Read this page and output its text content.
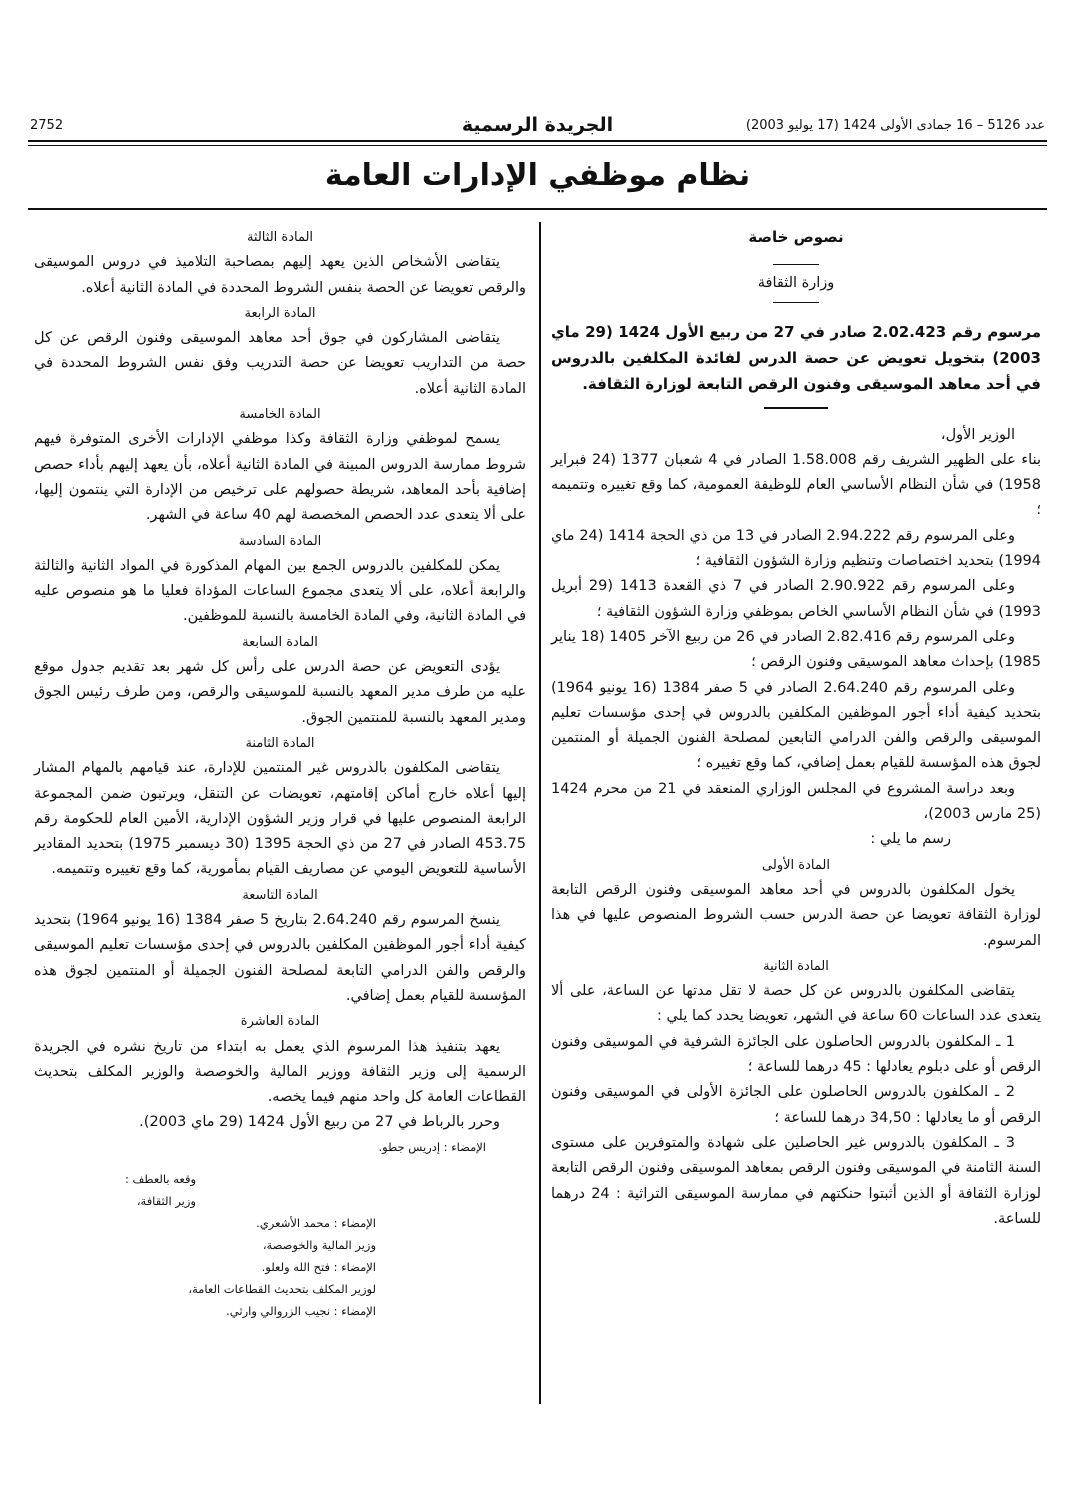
2752	الجريدة الرسمية	عدد 5126 – 16 جمادى الأولى 1424 (17 يوليو 2003)
نظام موظفي الإدارات العامة

نصوص خاصة

وزارة الثقافة

مرسوم رقم 2.02.423 صادر في 27 من ربيع الأول 1424 (29 ماي 2003) بتخويل تعويض عن حصة الدرس لفائدة المكلفين بالدروس في أحد معاهد الموسيقى وفنون الرقص التابعة لوزارة الثقافة.

الوزير الأول،

بناء على الظهير الشريف رقم 1.58.008 الصادر في 4 شعبان 1377 (24 فبراير 1958) في شأن النظام الأساسي العام للوظيفة العمومية، كما وقع تغييره وتتميمه ؛

وعلى المرسوم رقم 2.94.222 الصادر في 13 من ذي الحجة 1414 (24 ماي 1994) بتحديد اختصاصات وتنظيم وزارة الشؤون الثقافية ؛

وعلى المرسوم رقم 2.90.922 الصادر في 7 ذي القعدة 1413 (29 أبريل 1993) في شأن النظام الأساسي الخاص بموظفي وزارة الشؤون الثقافية ؛

وعلى المرسوم رقم 2.82.416 الصادر في 26 من ربيع الآخر 1405 (18 يناير 1985) بإحداث معاهد الموسيقى وفنون الرقص ؛

وعلى المرسوم رقم 2.64.240 الصادر في 5 صفر 1384 (16 يونيو 1964) بتحديد كيفية أداء أجور الموظفين المكلفين بالدروس في إحدى مؤسسات تعليم الموسيقى والرقص والفن الدرامي التابعين لمصلحة الفنون الجميلة أو المنتمين لجوق هذه المؤسسة للقيام بعمل إضافي، كما وقع تغييره ؛

وبعد دراسة المشروع في المجلس الوزاري المنعقد في 21 من محرم 1424 (25 مارس 2003)،

رسم ما يلي :

المادة الأولى

يخول المكلفون بالدروس في أحد معاهد الموسيقى وفنون الرقص التابعة لوزارة الثقافة تعويضا عن حصة الدرس حسب الشروط المنصوص عليها في هذا المرسوم.

المادة الثانية

يتقاضى المكلفون بالدروس عن كل حصة لا تقل مدتها عن الساعة، على ألا يتعدى عدد الساعات 60 ساعة في الشهر، تعويضا يحدد كما يلي :

1 ـ المكلفون بالدروس الحاصلون على الجائزة الشرفية في الموسيقى وفنون الرقص أو على دبلوم يعادلها : 45 درهما للساعة ؛

2 ـ المكلفون بالدروس الحاصلون على الجائزة الأولى في الموسيقى وفنون الرقص أو ما يعادلها : 34,50 درهما للساعة ؛

3 ـ المكلفون بالدروس غير الحاصلين على شهادة والمتوفرين على مستوى السنة الثامنة في الموسيقى وفنون الرقص بمعاهد الموسيقى وفنون الرقص التابعة لوزارة الثقافة أو الذين أثبتوا حنكتهم في ممارسة الموسيقى التراثية : 24 درهما للساعة.

المادة الثالثة

يتقاضى الأشخاص الذين يعهد إليهم بمصاحبة التلاميذ في دروس الموسيقى والرقص تعويضا عن الحصة بنفس الشروط المحددة في المادة الثانية أعلاه.

المادة الرابعة

يتقاضى المشاركون في جوق أحد معاهد الموسيقى وفنون الرقص عن كل حصة من التداريب تعويضا عن حصة التدريب وفق نفس الشروط المحددة في المادة الثانية أعلاه.

المادة الخامسة

يسمح لموظفي وزارة الثقافة وكذا موظفي الإدارات الأخرى المتوفرة فيهم شروط ممارسة الدروس المبينة في المادة الثانية أعلاه، بأن يعهد إليهم بأداء حصص إضافية بأحد المعاهد، شريطة حصولهم على ترخيص من الإدارة التي ينتمون إليها، على ألا يتعدى عدد الحصص المخصصة لهم 40 ساعة في الشهر.

المادة السادسة

يمكن للمكلفين بالدروس الجمع بين المهام المذكورة في المواد الثانية والثالثة والرابعة أعلاه، على ألا يتعدى مجموع الساعات المؤداة فعليا ما هو منصوص عليه في المادة الثانية، وفي المادة الخامسة بالنسبة للموظفين.

المادة السابعة

يؤدى التعويض عن حصة الدرس على رأس كل شهر بعد تقديم جدول موقع عليه من طرف مدير المعهد بالنسبة للموسيقى والرقص، ومن طرف رئيس الجوق ومدير المعهد بالنسبة للمنتمين الجوق.

المادة الثامنة

يتقاضى المكلفون بالدروس غير المنتمين للإدارة، عند قيامهم بالمهام المشار إليها أعلاه خارج أماكن إقامتهم، تعويضات عن التنقل، ويرتبون ضمن المجموعة الرابعة المنصوص عليها في قرار وزير الشؤون الإدارية، الأمين العام للحكومة رقم 453.75 الصادر في 27 من ذي الحجة 1395 (30 ديسمبر 1975) بتحديد المقادير الأساسية للتعويض اليومي عن مصاريف القيام بمأمورية، كما وقع تغييره وتتميمه.

المادة التاسعة

ينسخ المرسوم رقم 2.64.240 بتاريخ 5 صفر 1384 (16 يونيو 1964) بتحديد كيفية أداء أجور الموظفين المكلفين بالدروس في إحدى مؤسسات تعليم الموسيقى والرقص والفن الدرامي التابعة لمصلحة الفنون الجميلة أو المنتمين لجوق هذه المؤسسة للقيام بعمل إضافي.

المادة العاشرة

يعهد بتنفيذ هذا المرسوم الذي يعمل به ابتداء من تاريخ نشره في الجريدة الرسمية إلى وزير الثقافة ووزير المالية والخوصصة والوزير المكلف بتحديث القطاعات العامة كل واحد منهم فيما يخصه.

وحرر بالرباط في 27 من ربيع الأول 1424 (29 ماي 2003).

الإمضاء : إدريس جطو.

وقعه بالعطف :

وزير الثقافة،

الإمضاء : محمد الأشعري.

وزير المالية والخوصصة،

الإمضاء : فتح الله ولعلو.

لوزير المكلف بتحديث القطاعات العامة،

الإمضاء : نجيب الزروالي وارثي.
